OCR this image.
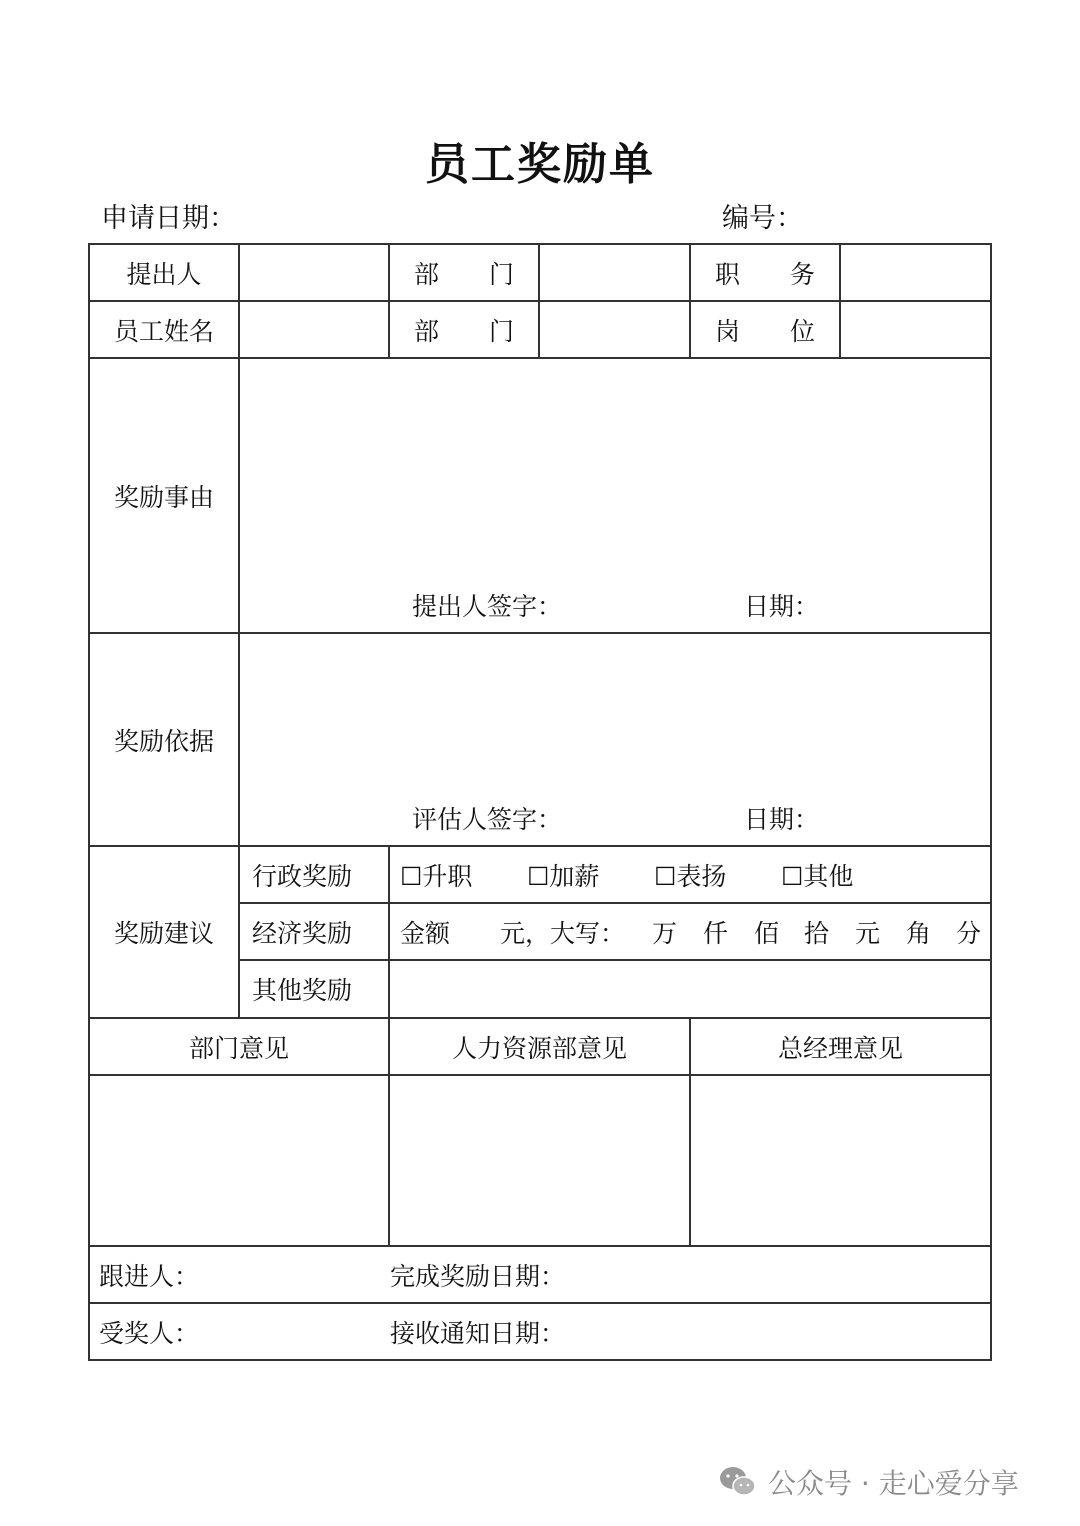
员工奖励单
申请日期：	编号：
提出人	部 门	职 务
员工姓名	部 门	岗 位
奖励事由
提出人签字：	日期：
奖励依据
评估人签字：	日期：
奖励建议
行政奖励	☐升职 ☐加薪 ☐表扬 ☐其他
经济奖励	金额 元，大写： 万 仟 佰 拾 元 角 分
其他奖励
部门意见	人力资源部意见	总经理意见
跟进人：	完成奖励日期：
受奖人：	接收通知日期：
公众号 · 走心爱分享
